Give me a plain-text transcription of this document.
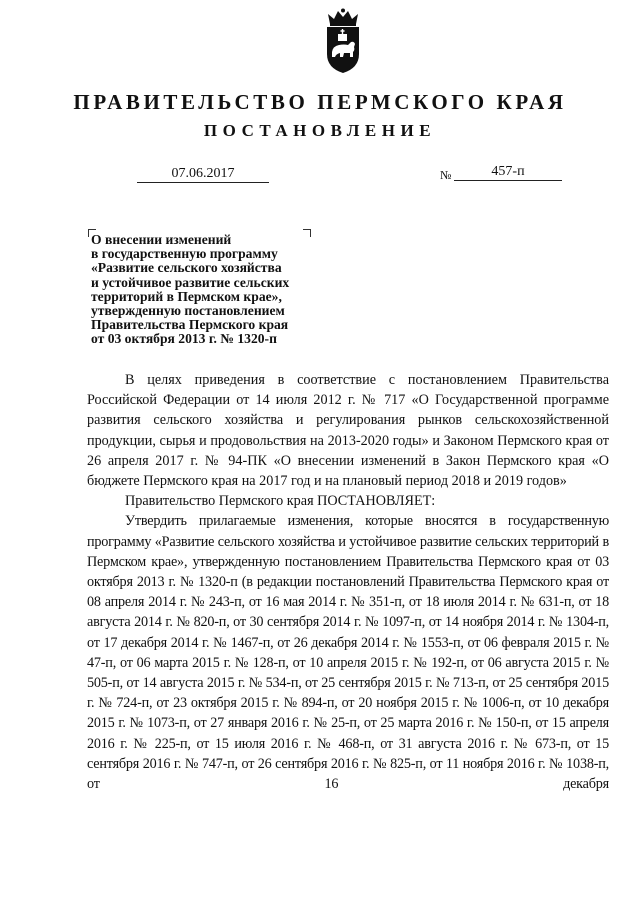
ПРАВИТЕЛЬСТВО ПЕРМСКОГО КРАЯ
ПОСТАНОВЛЕНИЕ
07.06.2017	№	457-п
О внесении изменений
в государственную программу
«Развитие сельского хозяйства
и устойчивое развитие сельских
территорий в Пермском крае»,
утвержденную постановлением
Правительства Пермского края
от 03 октября 2013 г. № 1320-п

В целях приведения в соответствие с постановлением Правительства Российской Федерации от 14 июля 2012 г. № 717 «О Государственной программе развития сельского хозяйства и регулирования рынков сельскохозяйственной продукции, сырья и продовольствия на 2013-2020 годы» и Законом Пермского края от 26 апреля 2017 г. № 94-ПК «О внесении изменений в Закон Пермского края «О бюджете Пермского края на 2017 год и на плановый период 2018 и 2019 годов»

Правительство Пермского края ПОСТАНОВЛЯЕТ:

Утвердить прилагаемые изменения, которые вносятся в государственную программу «Развитие сельского хозяйства и устойчивое развитие сельских территорий в Пермском крае», утвержденную постановлением Правительства Пермского края от 03 октября 2013 г. № 1320-п (в редакции постановлений Правительства Пермского края от 08 апреля 2014 г. № 243-п, от 16 мая 2014 г. № 351-п, от 18 июля 2014 г. № 631-п, от 18 августа 2014 г. № 820-п, от 30 сентября 2014 г. № 1097-п, от 14 ноября 2014 г. № 1304-п, от 17 декабря 2014 г. № 1467-п, от 26 декабря 2014 г. № 1553-п, от 06 февраля 2015 г. № 47-п, от 06 марта 2015 г. № 128-п, от 10 апреля 2015 г. № 192-п, от 06 августа 2015 г. № 505-п, от 14 августа 2015 г. № 534-п, от 25 сентября 2015 г. № 713-п, от 25 сентября 2015 г. № 724-п, от 23 октября 2015 г. № 894-п, от 20 ноября 2015 г. № 1006-п, от 10 декабря 2015 г. № 1073-п, от 27 января 2016 г. № 25-п, от 25 марта 2016 г. № 150-п, от 15 апреля 2016 г. № 225-п, от 15 июля 2016 г. № 468-п, от 31 августа 2016 г. № 673-п, от 15 сентября 2016 г. № 747-п, от 26 сентября 2016 г. № 825-п, от 11 ноября 2016 г. № 1038-п, от 16 декабря
